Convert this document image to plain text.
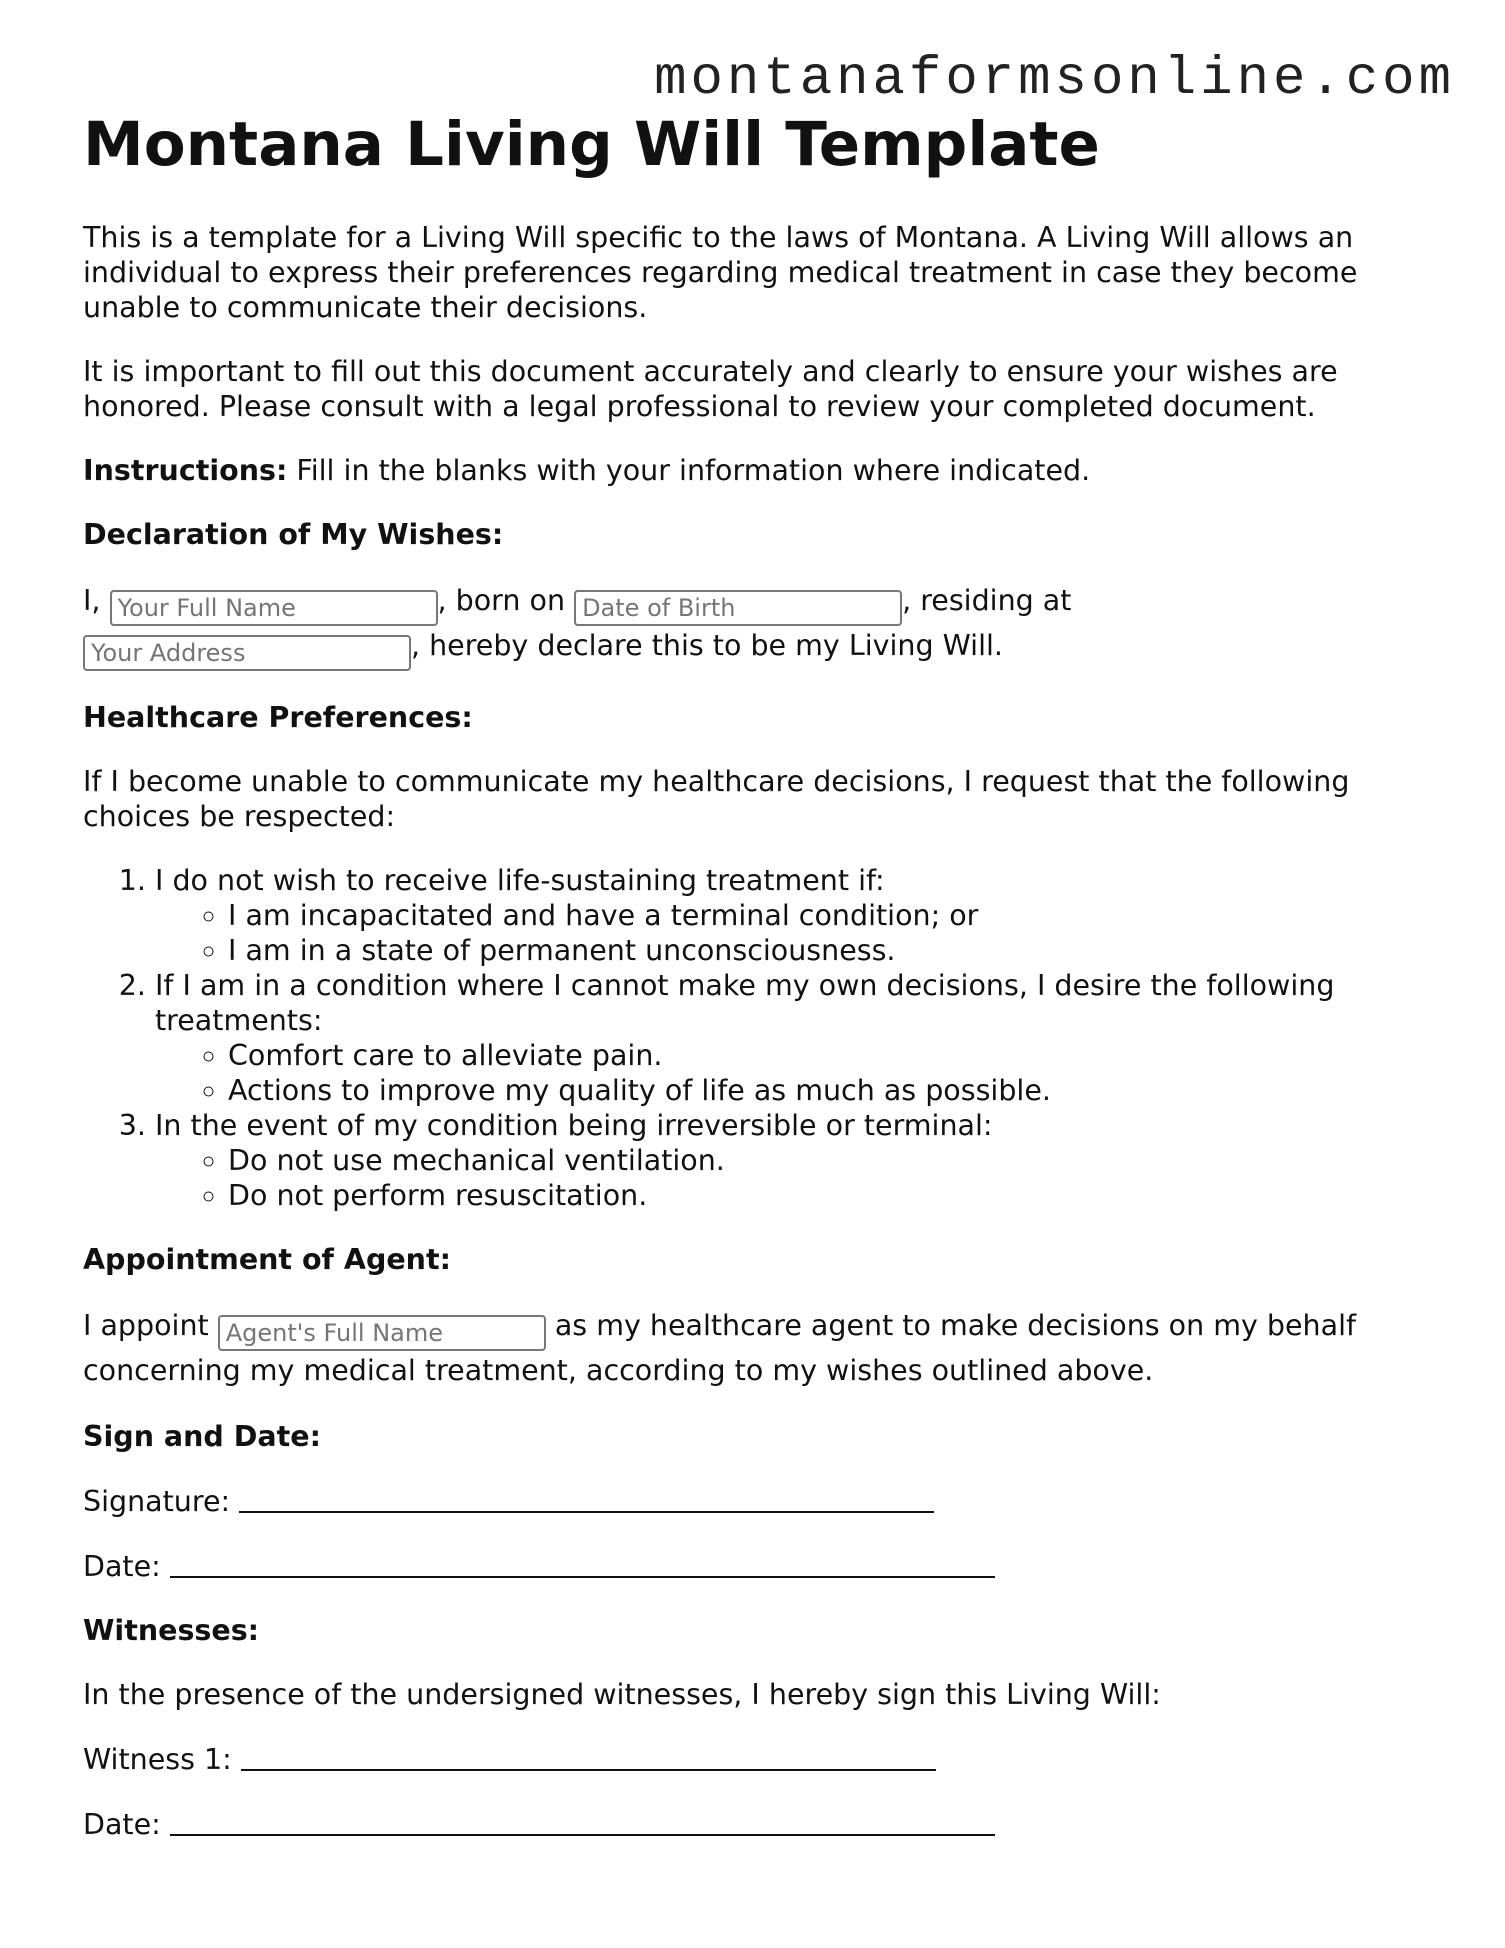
montanaformsonline.com
Montana Living Will Template

This is a template for a Living Will specific to the laws of Montana. A Living Will allows an individual to express their preferences regarding medical treatment in case they become unable to communicate their decisions.

It is important to fill out this document accurately and clearly to ensure your wishes are honored. Please consult with a legal professional to review your completed document.

Instructions: Fill in the blanks with your information where indicated.

Declaration of My Wishes:

I, Your Full Name	, born on Date of Birth	, residing at
Your Address, hereby declare this to be my Living Will.

Healthcare Preferences:

If I become unable to communicate my healthcare decisions, I request that the following choices be respected:

1. I do not wish to receive life-sustaining treatment if:
◦ I am incapacitated and have a terminal condition; or
◦ I am in a state of permanent unconsciousness.
2. If I am in a condition where I cannot make my own decisions, I desire the following treatments:
◦ Comfort care to alleviate pain.
◦ Actions to improve my quality of life as much as possible.
3. In the event of my condition being irreversible or terminal:
◦ Do not use mechanical ventilation.
◦ Do not perform resuscitation.
Appointment of Agent:

I appoint Agent's Full Name	as my healthcare agent to make decisions on my behalf concerning my medical treatment, according to my wishes outlined above.

Sign and Date:

Signature:

Date:

Witnesses:

In the presence of the undersigned witnesses, I hereby sign this Living Will:

Witness 1:

Date:
